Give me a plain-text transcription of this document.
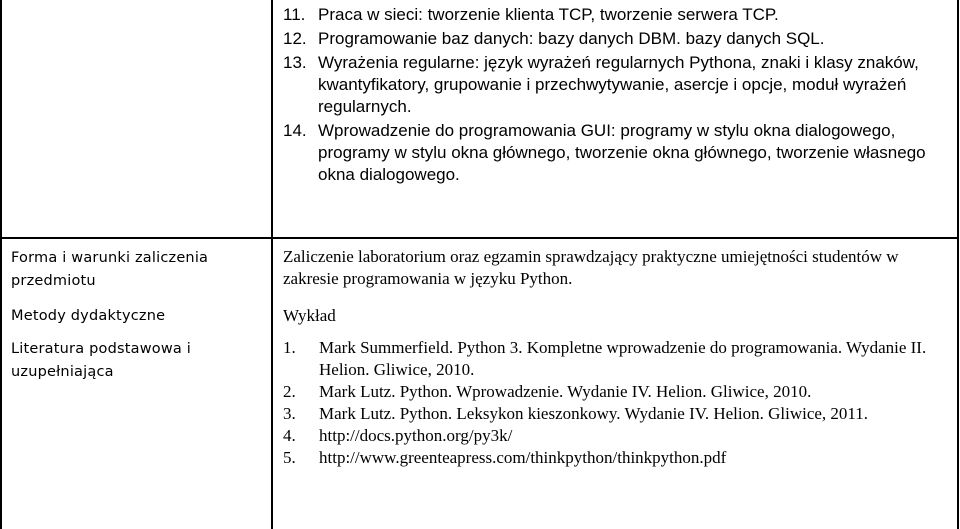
11. Praca w sieci: tworzenie klienta TCP, tworzenie serwera TCP.
12. Programowanie baz danych: bazy danych DBM. bazy danych SQL.
13. Wyrażenia regularne: język wyrażeń regularnych Pythona, znaki i klasy znaków, kwantyfikatory, grupowanie i przechwytywanie, asercje i opcje, moduł wyrażeń regularnych.
14. Wprowadzenie do programowania GUI: programy w stylu okna dialogowego, programy w stylu okna głównego, tworzenie okna głównego, tworzenie własnego okna dialogowego.
Forma i warunki zaliczenia przedmiotu
Metody dydaktyczne
Literatura podstawowa i uzupełniająca
Zaliczenie laboratorium oraz egzamin sprawdzający praktyczne umiejętności studentów w zakresie programowania w języku Python.
Wykład
1. Mark Summerfield. Python 3. Kompletne wprowadzenie do programowania. Wydanie II. Helion. Gliwice, 2010.
2. Mark Lutz. Python. Wprowadzenie. Wydanie IV. Helion. Gliwice, 2010.
3. Mark Lutz. Python. Leksykon kieszonkowy. Wydanie IV. Helion. Gliwice, 2011.
4. http://docs.python.org/py3k/
5. http://www.greenteapress.com/thinkpython/thinkpython.pdf
